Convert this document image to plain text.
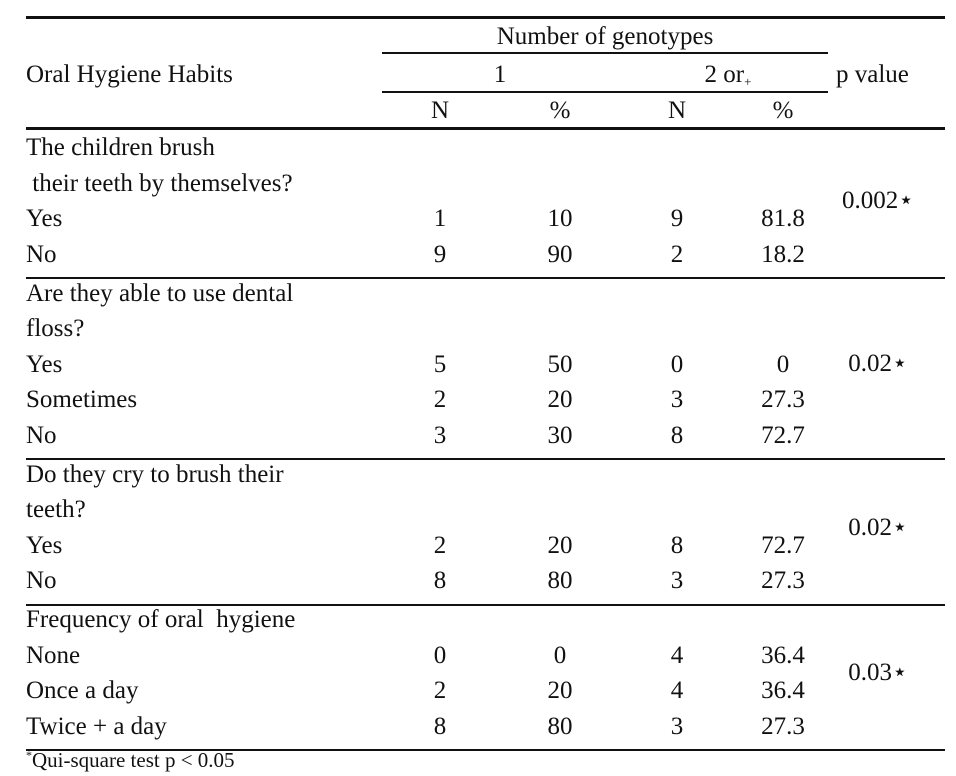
Number of genotypes
Oral Hygiene Habits	1	2 $or_+$	p value
N	%	N	%
The children brush
their teeth by themselves?
Yes	1	10	9	81.8
No	9	90	2	18.2
0.002⋆
Are they able to use dental
floss?
Yes	5	50	0	0
Sometimes	2	20	3	27.3
No	3	30	8	72.7
0.02⋆
Do they cry to brush their
teeth?
Yes	2	20	8	72.7
No	8	80	3	27.3
0.02⋆
Frequency of oral  hygiene
None	0	0	4	36.4
Once a day	2	20	4	36.4
Twice + a day	8	80	3	27.3
0.03⋆
*Qui-square test p < 0.05
